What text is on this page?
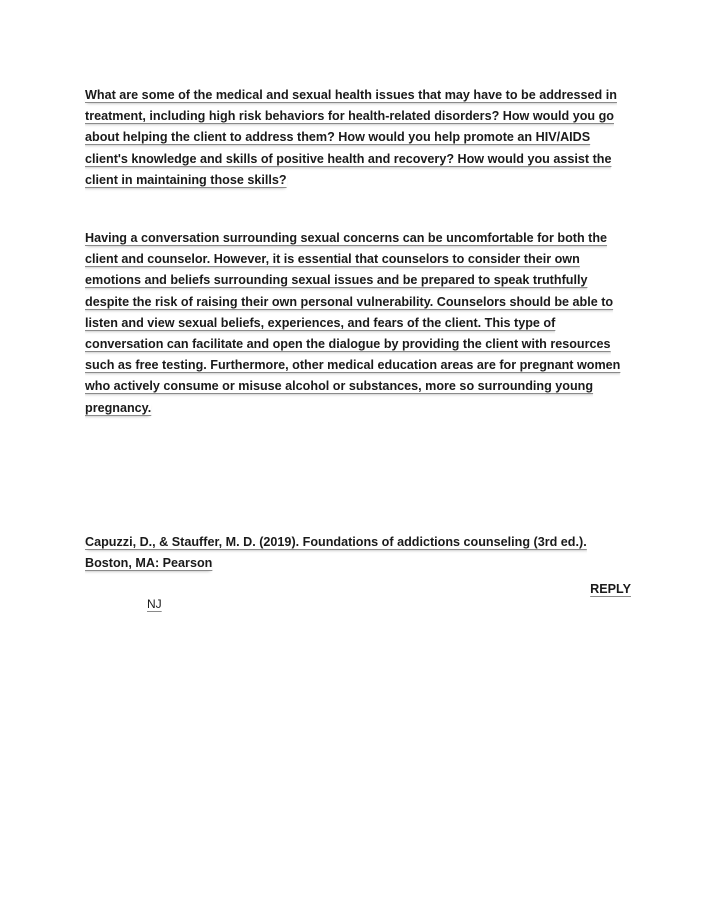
What are some of the medical and sexual health issues that may have to be addressed in treatment, including high risk behaviors for health-related disorders? How would you go about helping the client to address them? How would you help promote an HIV/AIDS client's knowledge and skills of positive health and recovery? How would you assist the client in maintaining those skills?

Having a conversation surrounding sexual concerns can be uncomfortable for both the client and counselor. However, it is essential that counselors to consider their own emotions and beliefs surrounding sexual issues and be prepared to speak truthfully despite the risk of raising their own personal vulnerability. Counselors should be able to listen and view sexual beliefs, experiences, and fears of the client. This type of conversation can facilitate and open the dialogue by providing the client with resources such as free testing. Furthermore, other medical education areas are for pregnant women who actively consume or misuse alcohol or substances, more so surrounding young pregnancy.

Capuzzi, D., & Stauffer, M. D. (2019). Foundations of addictions counseling (3rd ed.). Boston, MA: Pearson

REPLY
NJ
